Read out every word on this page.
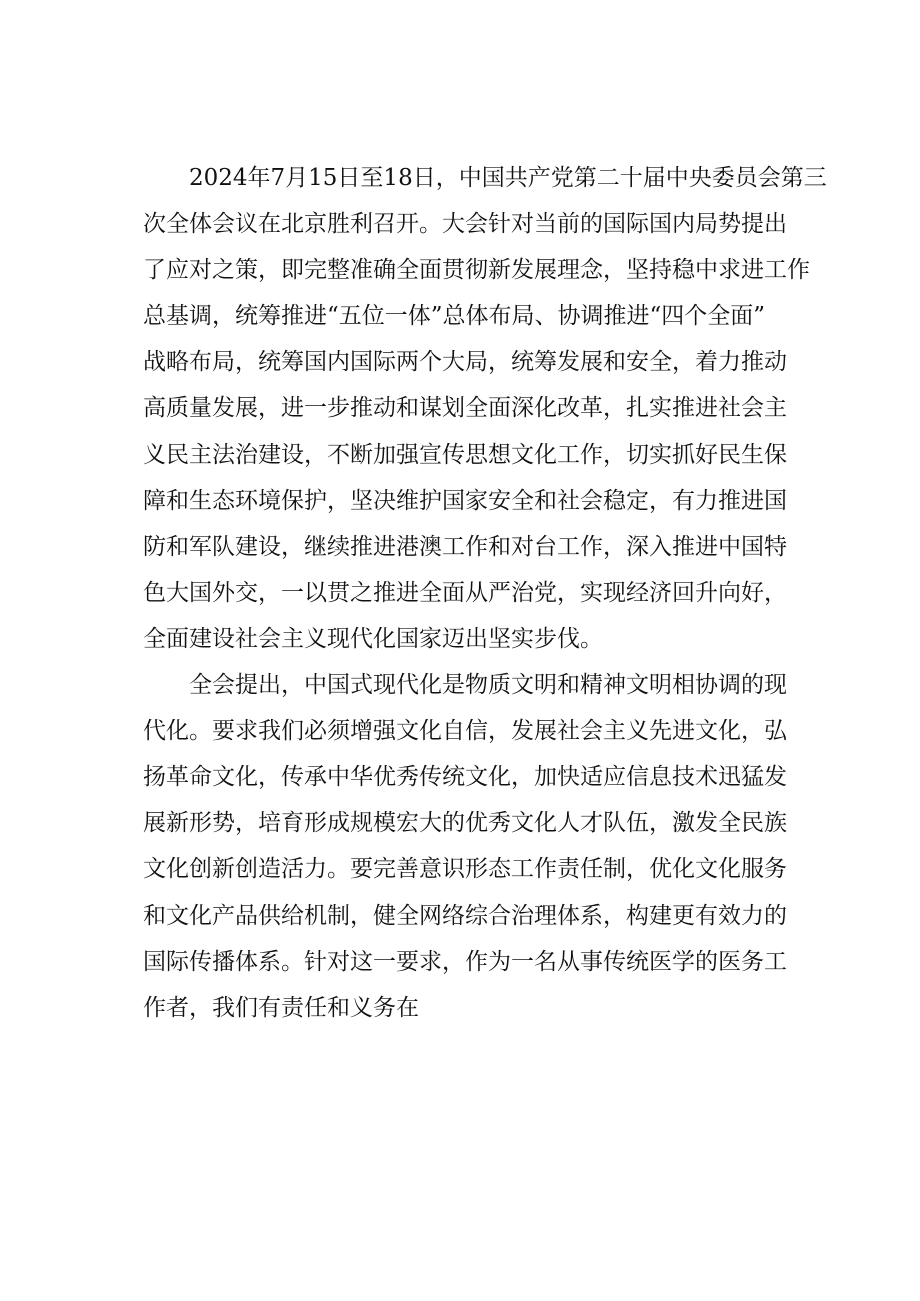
2024年7月15日至18日，中国共产党第二十届中央委员会第三
次全体会议在北京胜利召开。大会针对当前的国际国内局势提出
了应对之策，即完整准确全面贯彻新发展理念，坚持稳中求进工作
总基调，统筹推进“五位一体”总体布局、协调推进“四个全面”
战略布局，统筹国内国际两个大局，统筹发展和安全，着力推动
高质量发展，进一步推动和谋划全面深化改革，扎实推进社会主
义民主法治建设，不断加强宣传思想文化工作，切实抓好民生保
障和生态环境保护，坚决维护国家安全和社会稳定，有力推进国
防和军队建设，继续推进港澳工作和对台工作，深入推进中国特
色大国外交，一以贯之推进全面从严治党，实现经济回升向好，
全面建设社会主义现代化国家迈出坚实步伐。
全会提出，中国式现代化是物质文明和精神文明相协调的现
代化。要求我们必须增强文化自信，发展社会主义先进文化，弘
扬革命文化，传承中华优秀传统文化，加快适应信息技术迅猛发
展新形势，培育形成规模宏大的优秀文化人才队伍，激发全民族
文化创新创造活力。要完善意识形态工作责任制，优化文化服务
和文化产品供给机制，健全网络综合治理体系，构建更有效力的
国际传播体系。针对这一要求，作为一名从事传统医学的医务工
作者，我们有责任和义务在
